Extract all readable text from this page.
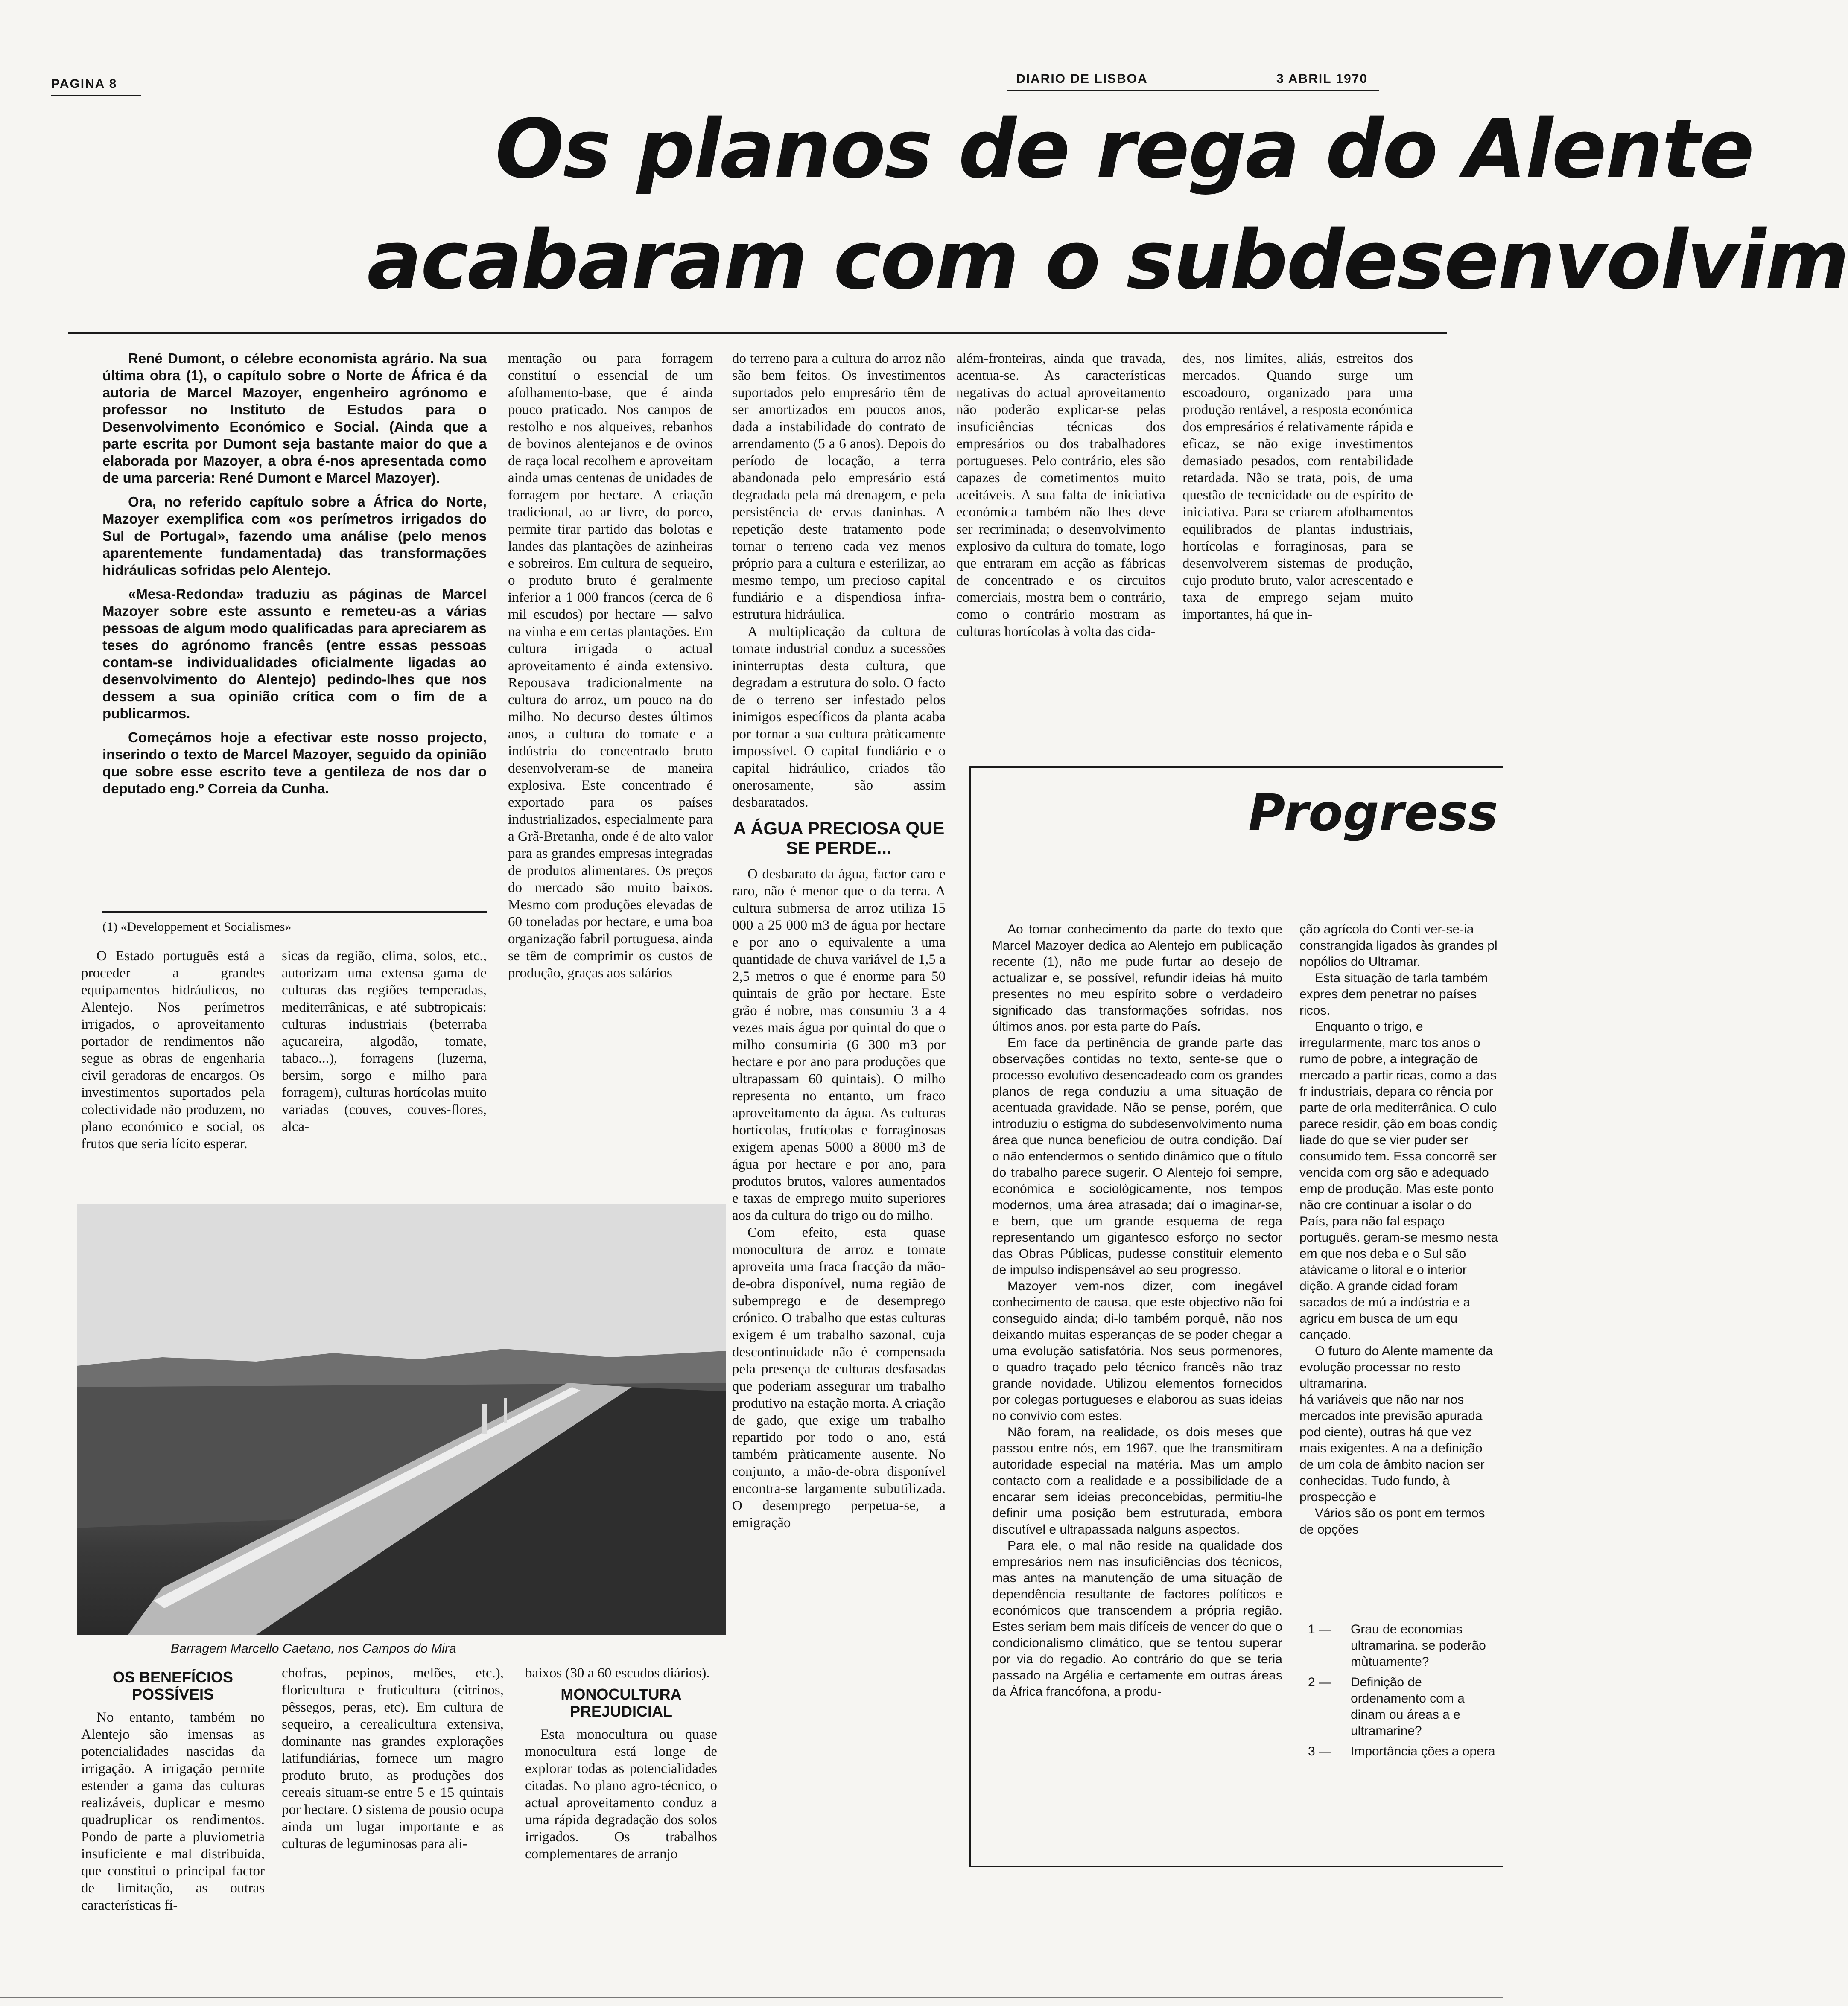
PAGINA 8	DIARIO DE LISBOA	3 ABRIL 1970
Os planos de rega do Alente
acabaram com o subdesenvolvim

René Dumont, o célebre economista agrário. Na sua última obra (1), o capítulo sobre o Norte de África é da autoria de Marcel Mazoyer, engenheiro agrónomo e professor no Instituto de Estudos para o Desenvolvimento Económico e Social. (Ainda que a parte escrita por Dumont seja bastante maior do que a elaborada por Mazoyer, a obra é-nos apresentada como de uma parceria: René Dumont e Marcel Mazoyer).

Ora, no referido capítulo sobre a África do Norte, Mazoyer exemplifica com «os perímetros irrigados do Sul de Portugal», fazendo uma análise (pelo menos aparentemente fundamentada) das transformações hidráulicas sofridas pelo Alentejo.

«Mesa-Redonda» traduziu as páginas de Marcel Mazoyer sobre este assunto e remeteu-as a várias pessoas de algum modo qualificadas para apreciarem as teses do agrónomo francês (entre essas pessoas contam-se individualidades oficialmente ligadas ao desenvolvimento do Alentejo) pedindo-lhes que nos dessem a sua opinião crítica com o fim de a publicarmos.

Começámos hoje a efectivar este nosso projecto, inserindo o texto de Marcel Mazoyer, seguido da opinião que sobre esse escrito teve a gentileza de nos dar o deputado eng.º Correia da Cunha.

(1) «Developpement et Socialismes»

O Estado português está a proceder a grandes equipamentos hidráulicos, no Alentejo. Nos perímetros irrigados, o aproveitamento portador de rendimentos não segue as obras de engenharia civil geradoras de encargos. Os investimentos suportados pela colectividade não produzem, no plano económico e social, os frutos que seria lícito esperar.

sicas da região, clima, solos, etc., autorizam uma extensa gama de culturas das regiões temperadas, mediterrânicas, e até subtropicais: culturas industriais (beterraba açucareira, algodão, tomate, tabaco...), forragens (luzerna, bersim, sorgo e milho para forragem), culturas hortícolas muito variadas (couves, couves-flores, alca-

mentação ou para forragem constituí o essencial de um afolhamento-base, que é ainda pouco praticado. Nos campos de restolho e nos alqueives, rebanhos de bovinos alentejanos e de ovinos de raça local recolhem e aproveitam ainda umas centenas de unidades de forragem por hectare. A criação tradicional, ao ar livre, do porco, permite tirar partido das bolotas e landes das plantações de azinheiras e sobreiros. Em cultura de sequeiro, o produto bruto é geralmente inferior a 1 000 francos (cerca de 6 mil escudos) por hectare — salvo na vinha e em certas plantações. Em cultura irrigada o actual aproveitamento é ainda extensivo. Repousava tradicionalmente na cultura do arroz, um pouco na do milho. No decurso destes últimos anos, a cultura do tomate e a indústria do concentrado bruto desenvolveram-se de maneira explosiva. Este concentrado é exportado para os países industrializados, especialmente para a Grã-Bretanha, onde é de alto valor para as grandes empresas integradas de produtos alimentares. Os preços do mercado são muito baixos. Mesmo com produções elevadas de 60 toneladas por hectare, e uma boa organização fabril portuguesa, ainda se têm de comprimir os custos de produção, graças aos salários

do terreno para a cultura do arroz não são bem feitos. Os investimentos suportados pelo empresário têm de ser amortizados em poucos anos, dada a instabilidade do contrato de arrendamento (5 a 6 anos). Depois do período de locação, a terra abandonada pelo empresário está degradada pela má drenagem, e pela persistência de ervas daninhas. A repetição deste tratamento pode tornar o terreno cada vez menos próprio para a cultura e esterilizar, ao mesmo tempo, um precioso capital fundiário e a dispendiosa infra-estrutura hidráulica.

A multiplicação da cultura de tomate industrial conduz a sucessões ininterruptas desta cultura, que degradam a estrutura do solo. O facto de o terreno ser infestado pelos inimigos específicos da planta acaba por tornar a sua cultura pràticamente impossível. O capital fundiário e o capital hidráulico, criados tão onerosamente, são assim desbaratados.

A ÁGUA PRECIOSA QUE SE PERDE...

O desbarato da água, factor caro e raro, não é menor que o da terra. A cultura submersa de arroz utiliza 15 000 a 25 000 m3 de água por hectare e por ano o equivalente a uma quantidade de chuva variável de 1,5 a 2,5 metros o que é enorme para 50 quintais de grão por hectare. Este grão é nobre, mas consumiu 3 a 4 vezes mais água por quintal do que o milho consumiria (6 300 m3 por hectare e por ano para produções que ultrapassam 60 quintais). O milho representa no entanto, um fraco aproveitamento da água. As culturas hortícolas, frutícolas e forraginosas exigem apenas 5000 a 8000 m3 de água por hectare e por ano, para produtos brutos, valores aumentados e taxas de emprego muito superiores aos da cultura do trigo ou do milho.

Com efeito, esta quase monocultura de arroz e tomate aproveita uma fraca fracção da mão-de-obra disponível, numa região de subemprego e de desemprego crónico. O trabalho que estas culturas exigem é um trabalho sazonal, cuja descontinuidade não é compensada pela presença de culturas desfasadas que poderiam assegurar um trabalho produtivo na estação morta. A criação de gado, que exige um trabalho repartido por todo o ano, está também pràticamente ausente. No conjunto, a mão-de-obra disponível encontra-se largamente subutilizada. O desemprego perpetua-se, a emigração

além-fronteiras, ainda que travada, acentua-se. As características negativas do actual aproveitamento não poderão explicar-se pelas insuficiências técnicas dos empresários ou dos trabalhadores portugueses. Pelo contrário, eles são capazes de cometimentos muito aceitáveis. A sua falta de iniciativa económica também não lhes deve ser recriminada; o desenvolvimento explosivo da cultura do tomate, logo que entraram em acção as fábricas de concentrado e os circuitos comerciais, mostra bem o contrário, como o contrário mostram as culturas hortícolas à volta das cida-

des, nos limites, aliás, estreitos dos mercados. Quando surge um escoadouro, organizado para uma produção rentável, a resposta económica dos empresários é relativamente rápida e eficaz, se não exige investimentos demasiado pesados, com rentabilidade retardada. Não se trata, pois, de uma questão de tecnicidade ou de espírito de iniciativa. Para se criarem afolhamentos equilibrados de plantas industriais, hortícolas e forraginosas, para se desenvolverem sistemas de produção, cujo produto bruto, valor acrescentado e taxa de emprego sejam muito importantes, há que in-

Barragem Marcello Caetano, nos Campos do Mira
OS BENEFÍCIOS POSSÍVEIS

No entanto, também no Alentejo são imensas as potencialidades nascidas da irrigação. A irrigação permite estender a gama das culturas realizáveis, duplicar e mesmo quadruplicar os rendimentos. Pondo de parte a pluviometria insuficiente e mal distribuída, que constitui o principal factor de limitação, as outras características fí-

chofras, pepinos, melões, etc.), floricultura e fruticultura (citrinos, pêssegos, peras, etc). Em cultura de sequeiro, a cerealicultura extensiva, dominante nas grandes explorações latifundiárias, fornece um magro produto bruto, as produções dos cereais situam-se entre 5 e 15 quintais por hectare. O sistema de pousio ocupa ainda um lugar importante e as culturas de leguminosas para ali-

baixos (30 a 60 escudos diários).

MONOCULTURA PREJUDICIAL

Esta monocultura ou quase monocultura está longe de explorar todas as potencialidades citadas. No plano agro-técnico, o actual aproveitamento conduz a uma rápida degradação dos solos irrigados. Os trabalhos complementares de arranjo

Progress

Ao tomar conhecimento da parte do texto que Marcel Mazoyer dedica ao Alentejo em publicação recente (1), não me pude furtar ao desejo de actualizar e, se possível, refundir ideias há muito presentes no meu espírito sobre o verdadeiro significado das transformações sofridas, nos últimos anos, por esta parte do País.

Em face da pertinência de grande parte das observações contidas no texto, sente-se que o processo evolutivo desencadeado com os grandes planos de rega conduziu a uma situação de acentuada gravidade. Não se pense, porém, que introduziu o estigma do subdesenvolvimento numa área que nunca beneficiou de outra condição. Daí o não entendermos o sentido dinâmico que o título do trabalho parece sugerir. O Alentejo foi sempre, económica e sociològicamente, nos tempos modernos, uma área atrasada; daí o imaginar-se, e bem, que um grande esquema de rega representando um gigantesco esforço no sector das Obras Públicas, pudesse constituir elemento de impulso indispensável ao seu progresso.

Mazoyer vem-nos dizer, com inegável conhecimento de causa, que este objectivo não foi conseguido ainda; di-lo também porquê, não nos deixando muitas esperanças de se poder chegar a uma evolução satisfatória. Nos seus pormenores, o quadro traçado pelo técnico francês não traz grande novidade. Utilizou elementos fornecidos por colegas portugueses e elaborou as suas ideias no convívio com estes.

Não foram, na realidade, os dois meses que passou entre nós, em 1967, que lhe transmitiram autoridade especial na matéria. Mas um amplo contacto com a realidade e a possibilidade de a encarar sem ideias preconcebidas, permitiu-lhe definir uma posição bem estruturada, embora discutível e ultrapassada nalguns aspectos.

Para ele, o mal não reside na qualidade dos empresários nem nas insuficiências dos técnicos, mas antes na manutenção de uma situação de dependência resultante de factores políticos e económicos que transcendem a própria região. Estes seriam bem mais difíceis de vencer do que o condicionalismo climático, que se tentou superar por via do regadio. Ao contrário do que se teria passado na Argélia e certamente em outras áreas da África francófona, a produ-

ção agrícola do Conti ver-se-ia constrangida ligados às grandes pl nopólios do Ultramar.

Esta situação de tarla também expres dem penetrar no países ricos.

Enquanto o trigo, e irregularmente, marc tos anos o rumo de pobre, a integração de mercado a partir ricas, como a das fr industriais, depara co rência por parte de orla mediterrânica. O culo parece residir, ção em boas condiç liade do que se vier puder ser consumido tem. Essa concorrê ser vencida com org são e adequado emp de produção. Mas este ponto não cre continuar a isolar o do País, para não fal espaço português. geram-se mesmo nesta em que nos deba e o Sul são atávicame o litoral e o interior dição. A grande cidad foram sacados de mú a indústria e a agricu em busca de um equ cançado.

O futuro do Alente mamente da evolução processar no resto ultramarina.

há variáveis que não nar nos mercados inte previsão apurada pod ciente), outras há que vez mais exigentes. A na a definição de um cola de âmbito nacion ser conhecidas. Tudo fundo, à prospecção e

Vários são os pont em termos de opções

1 —	Grau de economias ultramarina. se poderão mùtuamente?
2 —	Definição de ordenamento com a dinam ou áreas a e ultramarine?
3 —	Importância ções a opera
